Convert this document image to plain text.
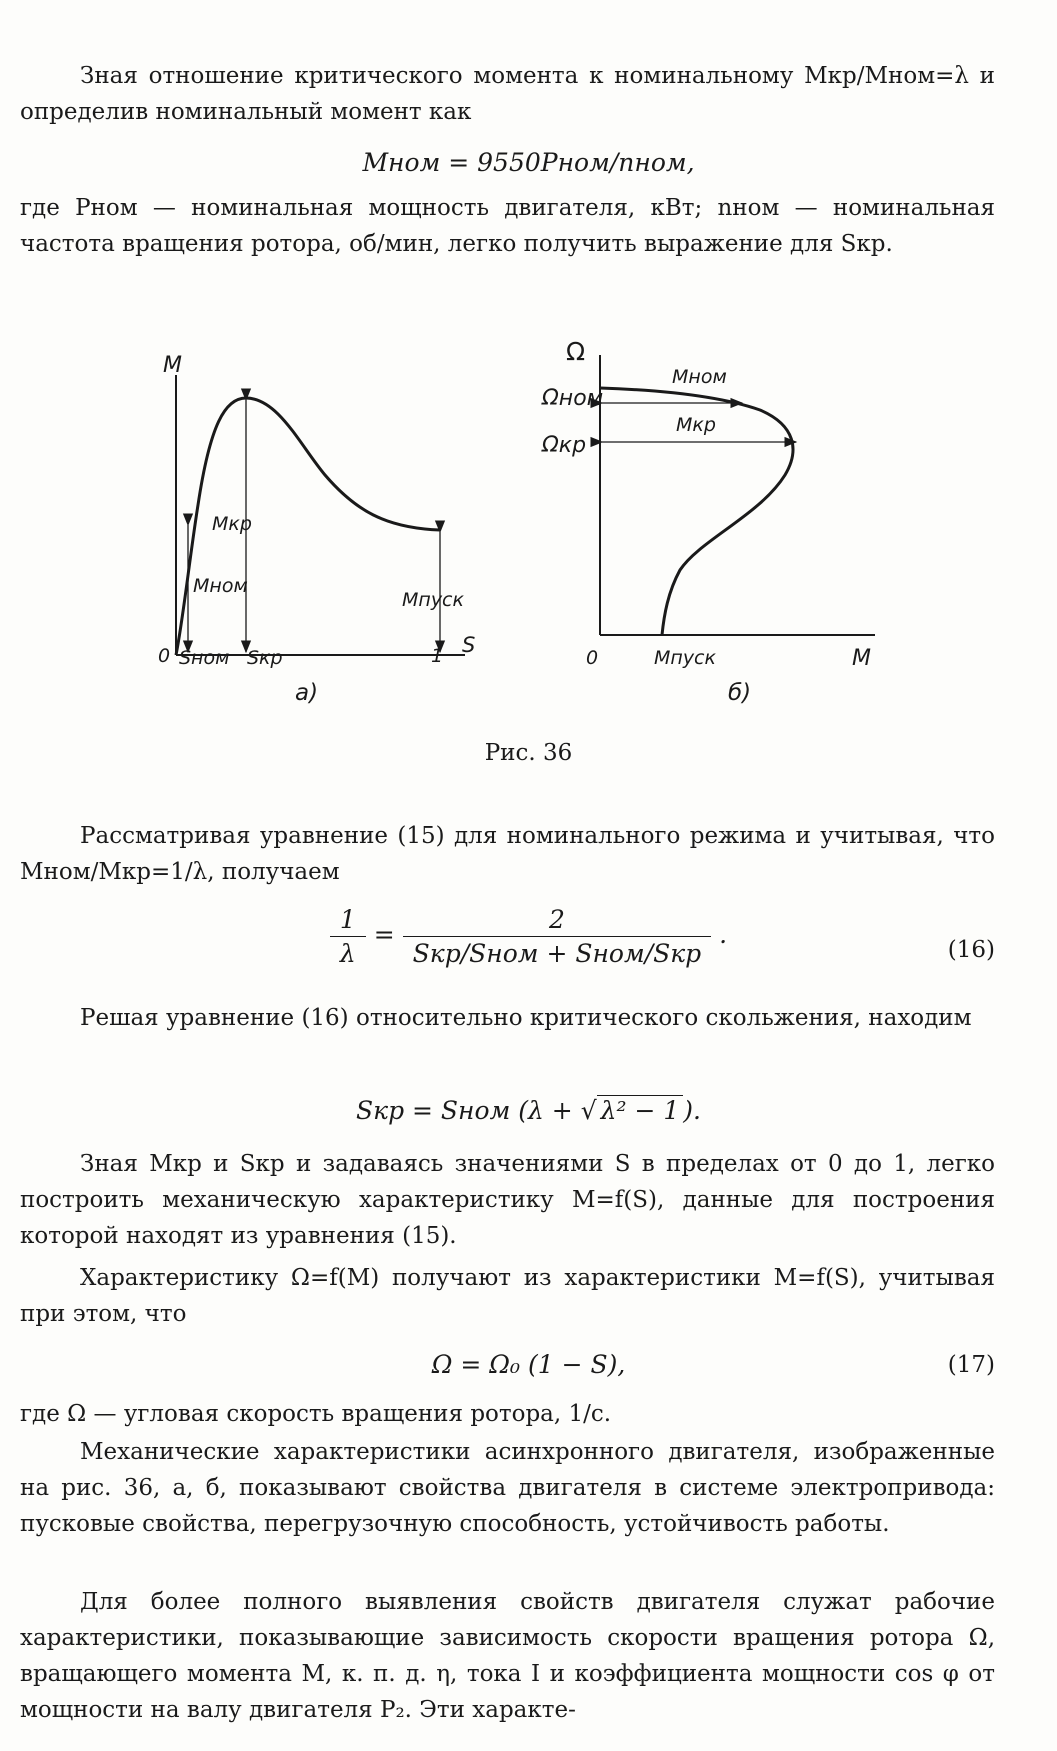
Зная отношение критического момента к номинальному Mкр/Mном=λ и определив номинальный момент как

Mном = 9550Pном/nном,

где Pном — номинальная мощность двигателя, кВт; nном — номинальная частота вращения ротора, об/мин, легко получить выражение для Sкр.

M
S
0	1
Sном Sкр
Mкр
Mном
Mпуск
а)
Ω
M
0
Ωном
Ωкр
Mном
Mкр
Mпуск
б)

Рис. 36

Рассматривая уравнение (15) для номинального режима и учитывая, что Mном/Mкр=1/λ, получаем

$\frac{1}{\lambda} = \frac{2}{\text{Sкр/Sном + Sном/Sкр}}$ .

(16)

Решая уравнение (16) относительно критического скольжения, находим

Sкр = Sном (λ + √ λ² − 1 ).

Зная Mкр и Sкр и задаваясь значениями S в пределах от 0 до 1, легко построить механическую характеристику M=f(S), данные для построения которой находят из уравнения (15).

Характеристику Ω=f(M) получают из характеристики M=f(S), учитывая при этом, что

Ω = Ω₀ (1 − S),	(17)

где Ω — угловая скорость вращения ротора, 1/с.

Механические характеристики асинхронного двигателя, изображенные на рис. 36, а, б, показывают свойства двигателя в системе электропривода: пусковые свойства, перегрузочную способность, устойчивость работы.

Для более полного выявления свойств двигателя служат рабочие характеристики, показывающие зависимость скорости вращения ротора Ω, вращающего момента M, к. п. д. η, тока I и коэффициента мощности cos φ от мощности на валу двигателя P₂. Эти характе-
